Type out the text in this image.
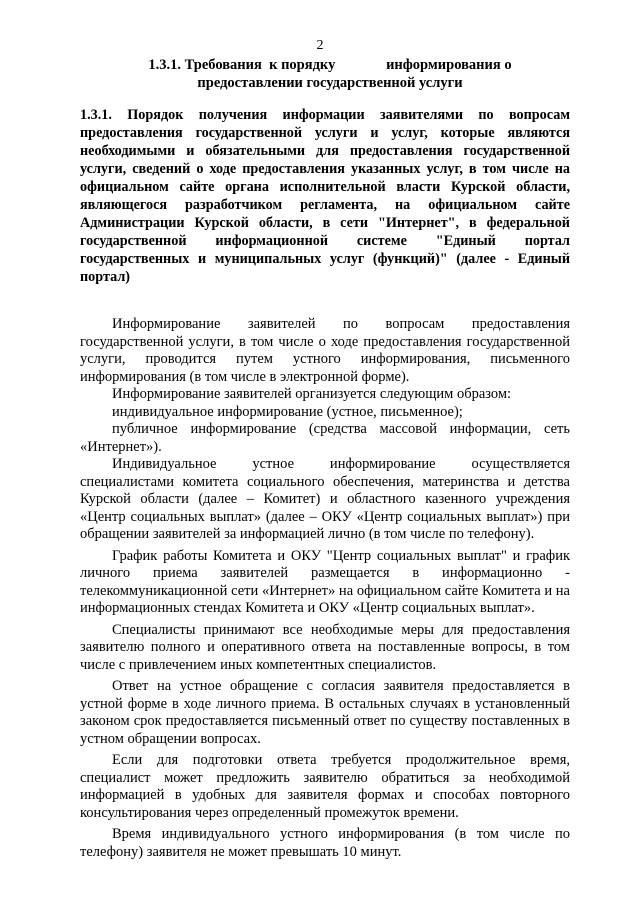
2
1.3.1. Требования  к порядку              информирования о
предоставлении государственной услуги
1.3.1. Порядок получения информации заявителями по вопросам предоставления государственной услуги и услуг, которые являются необходимыми и обязательными для предоставления государственной услуги, сведений о ходе предоставления указанных услуг, в том числе на официальном сайте органа исполнительной власти Курской области, являющегося разработчиком регламента, на официальном сайте Администрации Курской области, в сети "Интернет", в федеральной государственной информационной системе "Единый портал государственных и муниципальных услуг (функций)" (далее - Единый портал)

Информирование заявителей по вопросам предоставления государственной услуги, в том числе о ходе предоставления государственной услуги, проводится путем устного информирования, письменного информирования (в том числе в электронной форме).

Информирование заявителей организуется следующим образом:

индивидуальное информирование (устное, письменное);

публичное информирование (средства массовой информации, сеть «Интернет»).

Индивидуальное устное информирование осуществляется специалистами комитета социального обеспечения, материнства и детства Курской области (далее – Комитет) и областного казенного учреждения «Центр социальных выплат» (далее – ОКУ «Центр социальных выплат») при обращении заявителей за информацией лично (в том числе по телефону).

График работы Комитета и ОКУ "Центр социальных выплат" и график личного приема заявителей размещается в информационно - телекоммуникационной сети «Интернет» на официальном сайте Комитета и на информационных стендах Комитета и ОКУ «Центр социальных выплат».

Специалисты принимают все необходимые меры для предоставления заявителю полного и оперативного ответа на поставленные вопросы, в том числе с привлечением иных компетентных специалистов.

Ответ на устное обращение с согласия заявителя предоставляется в устной форме в ходе личного приема. В остальных случаях в установленный законом срок предоставляется письменный ответ по существу поставленных в устном обращении вопросах.

Если для подготовки ответа требуется продолжительное время, специалист может предложить заявителю обратиться за необходимой информацией в удобных для заявителя формах и способах повторного консультирования через определенный промежуток времени.

Время индивидуального устного информирования (в том числе по телефону) заявителя не может превышать 10 минут.
